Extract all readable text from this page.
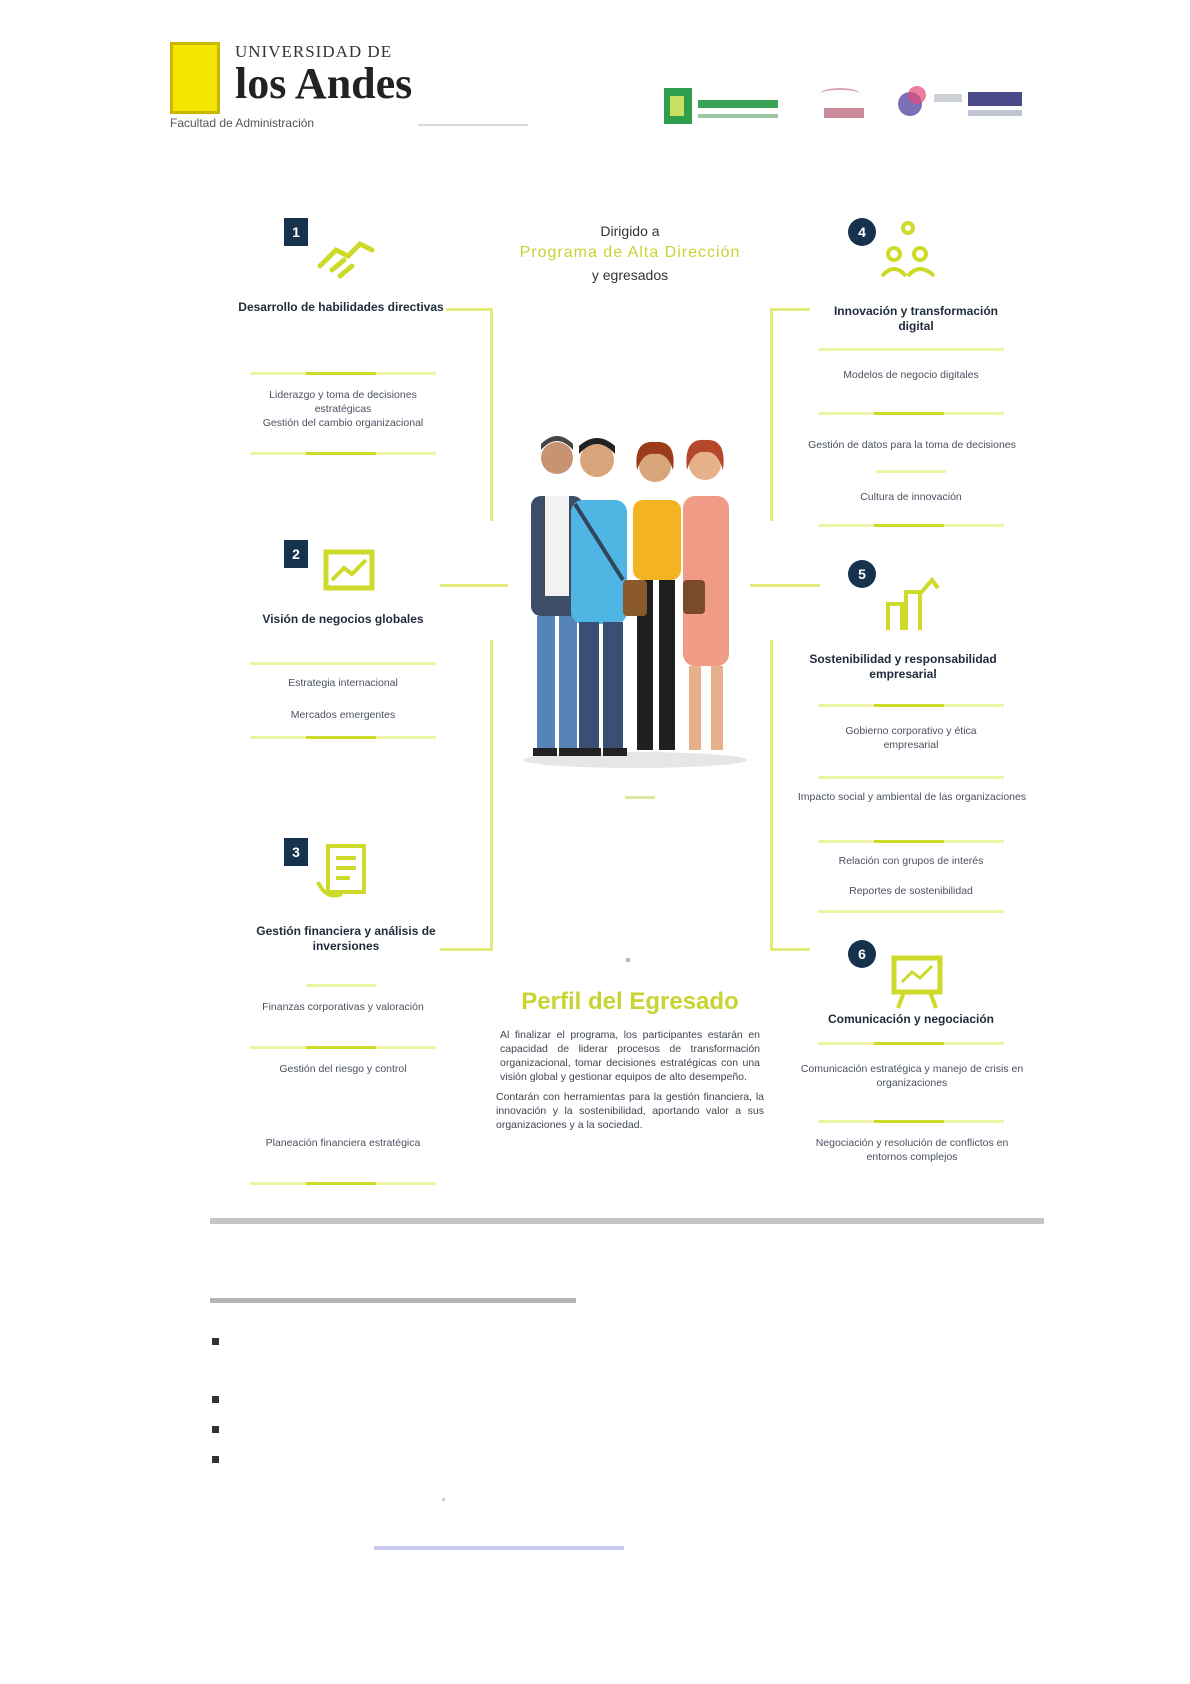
UNIVERSIDAD DE
los Andes
Facultad de Administración
Dirigido a
Programa de Alta Dirección
y egresados
1
Desarrollo de habilidades directivas
Liderazgo y toma de decisiones estratégicas
Gestión del cambio organizacional
2
Visión de negocios globales
Estrategia internacional
Mercados emergentes
3
Gestión financiera y análisis de inversiones
Finanzas corporativas y valoración
Gestión del riesgo y control
Planeación financiera estratégica
4
Innovación y transformación digital
Modelos de negocio digitales
Gestión de datos para la toma de decisiones
Cultura de innovación
5
Sostenibilidad y responsabilidad empresarial
Gobierno corporativo y ética empresarial
Impacto social y ambiental de las organizaciones
Relación con grupos de interés
Reportes de sostenibilidad
6
Comunicación y negociación
Comunicación estratégica y manejo de crisis en organizaciones
Negociación y resolución de conflictos en entornos complejos
Perfil del Egresado
Al finalizar el programa, los participantes estarán en capacidad de liderar procesos de transformación organizacional, tomar decisiones estratégicas con una visión global y gestionar equipos de alto desempeño.
Contarán con herramientas para la gestión financiera, la innovación y la sostenibilidad, aportando valor a sus organizaciones y a la sociedad.
